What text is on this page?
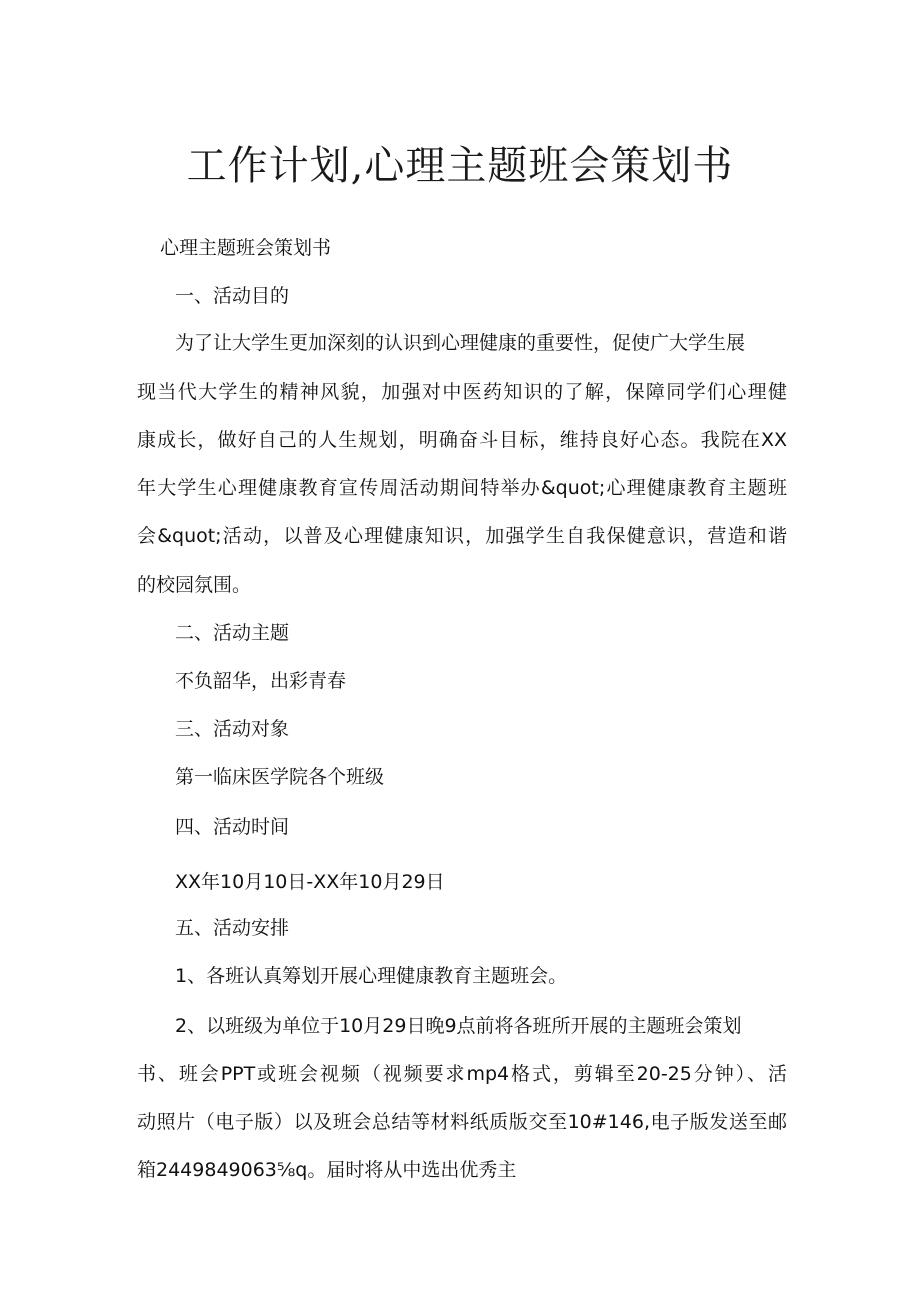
工作计划,心理主题班会策划书
心理主题班会策划书
一、活动目的
为了让大学生更加深刻的认识到心理健康的重要性，促使广大学生展
现当代大学生的精神风貌，加强对中医药知识的了解，保障同学们心理健
康成长，做好自己的人生规划，明确奋斗目标，维持良好心态。我院在XX
年大学生心理健康教育宣传周活动期间特举办&quot;心理健康教育主题班
会&quot;活动，以普及心理健康知识，加强学生自我保健意识，营造和谐
的校园氛围。
二、活动主题
不负韶华，出彩青春
三、活动对象
第一临床医学院各个班级
四、活动时间
XX年10月10日-XX年10月29日
五、活动安排
1、各班认真筹划开展心理健康教育主题班会。
2、以班级为单位于10月29日晚9点前将各班所开展的主题班会策划
书、班会PPT或班会视频（视频要求mp4格式，剪辑至20-25分钟）、活
动照片（电子版）以及班会总结等材料纸质版交至10#146,电子版发送至邮
箱2449849063⅝q。届时将从中选出优秀主
